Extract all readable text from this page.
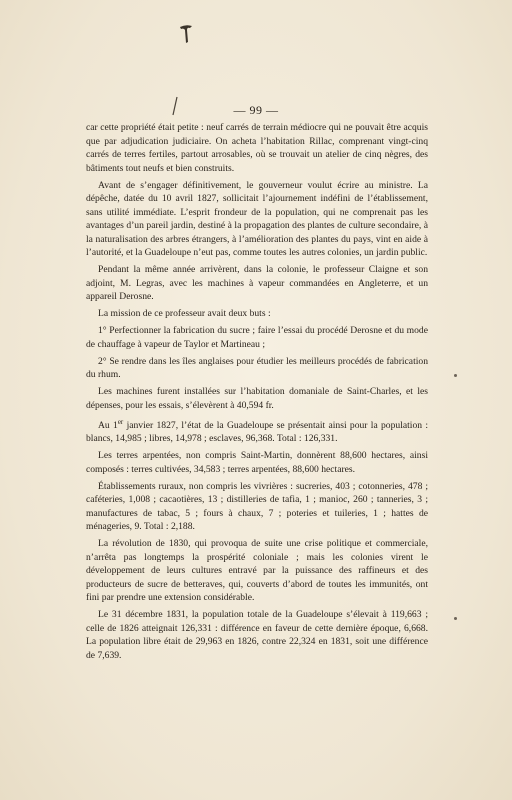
— 99 —

car cette propriété était petite : neuf carrés de terrain médiocre qui ne pouvait être acquis que par adjudication judiciaire. On acheta l’habitation Rillac, comprenant vingt-cinq carrés de terres fertiles, partout arrosables, où se trouvait un atelier de cinq nègres, des bâtiments tout neufs et bien construits.

Avant de s’engager définitivement, le gouverneur voulut écrire au ministre. La dépêche, datée du 10 avril 1827, sollicitait l’ajournement indéfini de l’établissement, sans utilité immédiate. L’esprit frondeur de la population, qui ne comprenait pas les avantages d’un pareil jardin, destiné à la propagation des plantes de culture secondaire, à la naturalisation des arbres étrangers, à l’amélioration des plantes du pays, vint en aide à l’autorité, et la Guadeloupe n’eut pas, comme toutes les autres colonies, un jardin public.

Pendant la même année arrivèrent, dans la colonie, le professeur Claigne et son adjoint, M. Legras, avec les machines à vapeur commandées en Angleterre, et un appareil Derosne.

La mission de ce professeur avait deux buts :

1° Perfectionner la fabrication du sucre ; faire l’essai du procédé Derosne et du mode de chauffage à vapeur de Taylor et Martineau ;

2° Se rendre dans les îles anglaises pour étudier les meilleurs procédés de fabrication du rhum.

Les machines furent installées sur l’habitation domaniale de Saint-Charles, et les dépenses, pour les essais, s’élevèrent à 40,594 fr.

Au 1er janvier 1827, l’état de la Guadeloupe se présentait ainsi pour la population : blancs, 14,985 ; libres, 14,978 ; esclaves, 96,368. Total : 126,331.

Les terres arpentées, non compris Saint-Martin, donnèrent 88,600 hectares, ainsi composés : terres cultivées, 34,583 ; terres arpentées, 88,600 hectares.

Établissements ruraux, non compris les vivrières : sucreries, 403 ; cotonneries, 478 ; caféteries, 1,008 ; cacaotières, 13 ; distilleries de tafia, 1 ; manioc, 260 ; tanneries, 3 ; manufactures de tabac, 5 ; fours à chaux, 7 ; poteries et tuileries, 1 ; hattes de ménageries, 9. Total : 2,188.

La révolution de 1830, qui provoqua de suite une crise politique et commerciale, n’arrêta pas longtemps la prospérité coloniale ; mais les colonies virent le développement de leurs cultures entravé par la puissance des raffineurs et des producteurs de sucre de betteraves, qui, couverts d’abord de toutes les immunités, ont fini par prendre une extension considérable.

Le 31 décembre 1831, la population totale de la Guadeloupe s’élevait à 119,663 ; celle de 1826 atteignait 126,331 : différence en faveur de cette dernière époque, 6,668. La population libre était de 29,963 en 1826, contre 22,324 en 1831, soit une différence de 7,639.
